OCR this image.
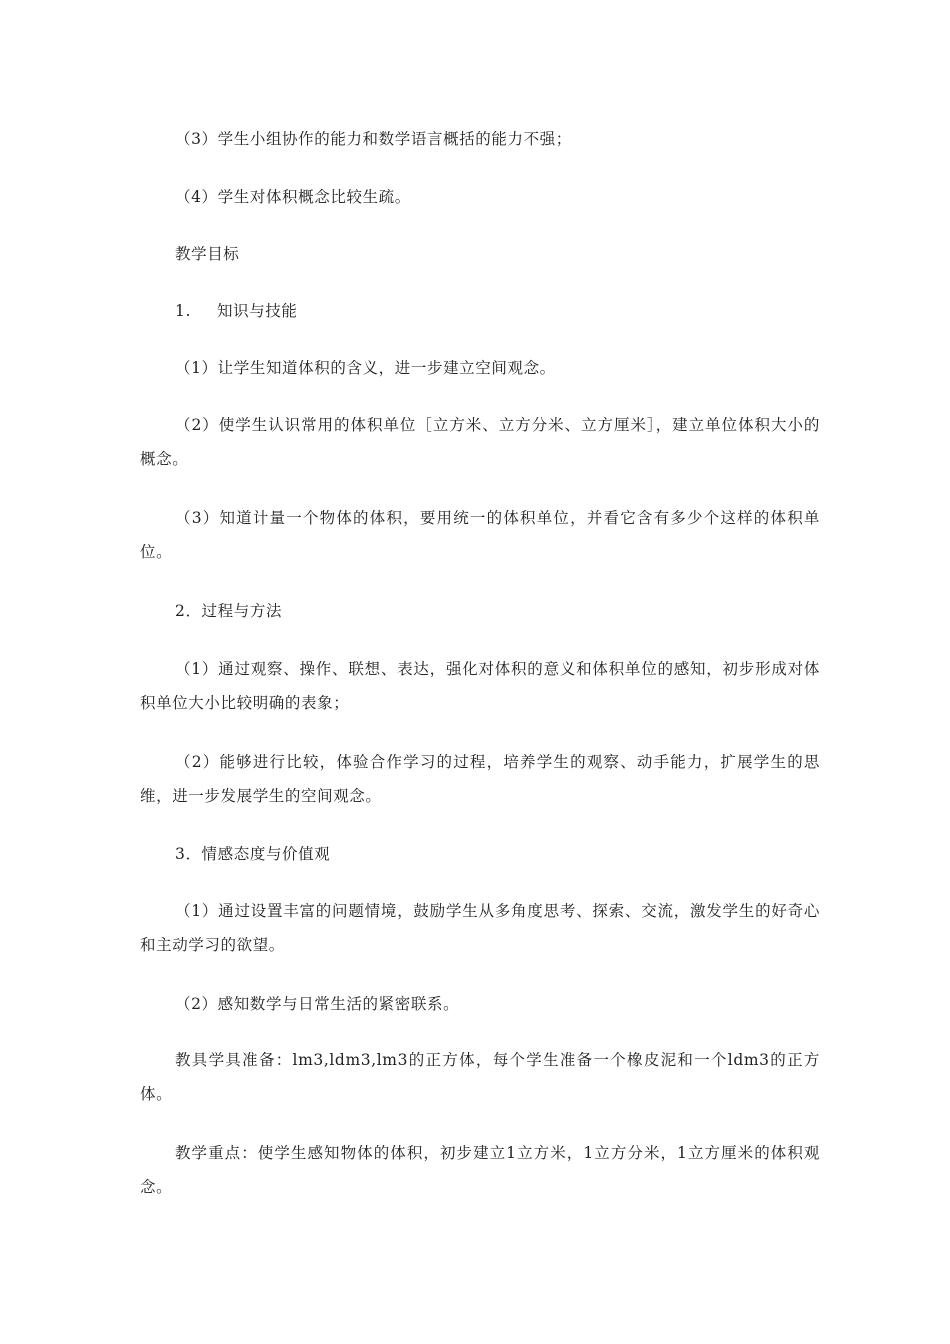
（3）学生小组协作的能力和数学语言概括的能力不强；

（4）学生对体积概念比较生疏。

教学目标

1. 知识与技能

（1）让学生知道体积的含义，进一步建立空间观念。

（2）使学生认识常用的体积单位［立方米、立方分米、立方厘米］，建立单位体积大小的概念。

（3）知道计量一个物体的体积，要用统一的体积单位，并看它含有多少个这样的体积单位。

2．过程与方法

（1）通过观察、操作、联想、表达，强化对体积的意义和体积单位的感知，初步形成对体积单位大小比较明确的表象；

（2）能够进行比较，体验合作学习的过程，培养学生的观察、动手能力，扩展学生的思维，进一步发展学生的空间观念。

3．情感态度与价值观

（1）通过设置丰富的问题情境，鼓励学生从多角度思考、探索、交流，激发学生的好奇心和主动学习的欲望。

（2）感知数学与日常生活的紧密联系。

教具学具准备：lm3,ldm3,lm3的正方体，每个学生准备一个橡皮泥和一个ldm3的正方体。

教学重点：使学生感知物体的体积，初步建立1立方米，1立方分米，1立方厘米的体积观念。
